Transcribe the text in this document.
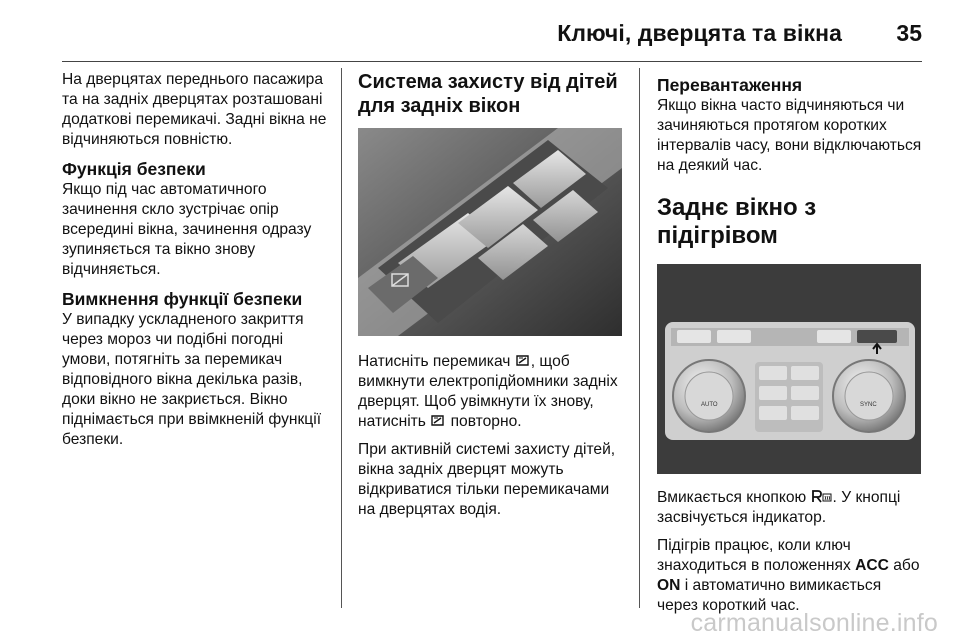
Ключі, дверцята та вікна 35

На дверцятах переднього пасажира та на задніх дверцятах розташовані додаткові перемикачі. Задні вікна не відчиняються повністю.

Функція безпеки

Якщо під час автоматичного зачинення скло зустрічає опір всередині вікна, зачинення одразу зупиняється та вікно знову відчиняється.

Вимкнення функції безпеки

У випадку ускладненого закриття через мороз чи подібні погодні умови, потягніть за перемикач відповідного вікна декілька разів, доки вікно не закриється. Вікно піднімається при ввімкненій функції безпеки.

Система захисту від дітей для задніх вікон

Натисніть перемикач , щоб вимкнути електропідйомники задніх дверцят. Щоб увімкнути їх знову, натисніть  повторно.

При активній системі захисту дітей, вікна задніх дверцят можуть відкриватися тільки перемикачами на дверцятах водія.

Перевантаження

Якщо вікна часто відчиняються чи зачиняються протягом коротких інтервалів часу, вони відключаються на деякий час.

Заднє вікно з підігрівом
AUTO	SYNC

Вмикається кнопкою . У кнопці засвічується індикатор.

Підігрів працює, коли ключ знаходиться в положеннях ACC або ON і автоматично вимикається через короткий час.

carmanualsonline.info
